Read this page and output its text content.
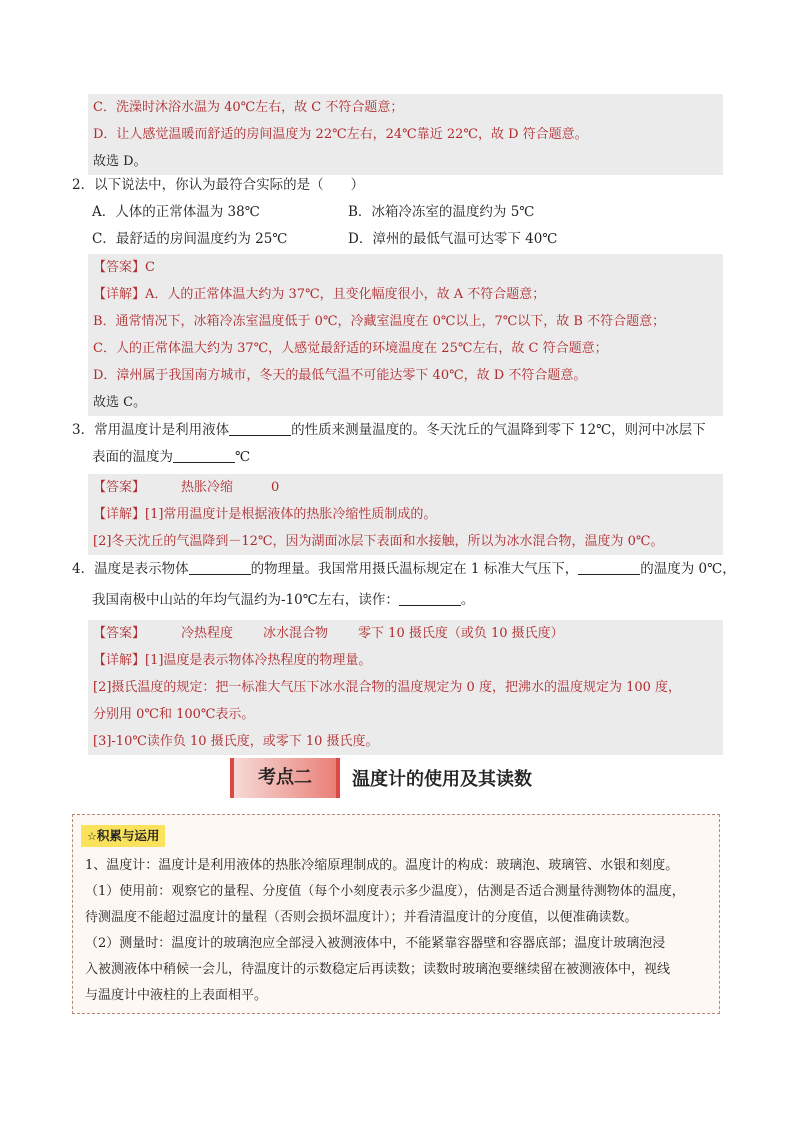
C．洗澡时沐浴水温为 40℃左右，故 C 不符合题意；
D．让人感觉温暖而舒适的房间温度为 22℃左右，24℃靠近 22℃，故 D 符合题意。
故选 D。
2．以下说法中，你认为最符合实际的是（　　）
A．人体的正常体温为 38℃	B．冰箱冷冻室的温度约为 5℃
C．最舒适的房间温度约为 25℃	D．漳州的最低气温可达零下 40℃
【答案】C
【详解】A．人的正常体温大约为 37℃，且变化幅度很小，故 A 不符合题意；
B．通常情况下，冰箱冷冻室温度低于 0℃，冷藏室温度在 0℃以上，7℃以下，故 B 不符合题意；
C．人的正常体温大约为 37℃，人感觉最舒适的环境温度在 25℃左右，故 C 符合题意；
D．漳州属于我国南方城市，冬天的最低气温不可能达零下 40℃，故 D 不符合题意。
故选 C。
3．常用温度计是利用液体	的性质来测量温度的。冬天沈丘的气温降到零下 12℃，则河中冰层下
表面的温度为	℃
【答案】	热胀冷缩	0
【详解】[1]常用温度计是根据液体的热胀冷缩性质制成的。
[2]冬天沈丘的气温降到－12℃，因为湖面冰层下表面和水接触，所以为冰水混合物，温度为 0℃。
4．温度是表示物体	的物理量。我国常用摄氏温标规定在 1 标准大气压下，	的温度为 0℃，
我国南极中山站的年均气温约为-10℃左右，读作：	。
【答案】	冷热程度 冰水混合物 零下 10 摄氏度（或负 10 摄氏度）
【详解】[1]温度是表示物体冷热程度的物理量。
[2]摄氏温度的规定：把一标准大气压下冰水混合物的温度规定为 0 度，把沸水的温度规定为 100 度，
分别用 0℃和 100℃表示。
[3]-10℃读作负 10 摄氏度，或零下 10 摄氏度。
考点二	温度计的使用及其读数
☆积累与运用
1、温度计：温度计是利用液体的热胀冷缩原理制成的。温度计的构成：玻璃泡、玻璃管、水银和刻度。
（1）使用前：观察它的量程、分度值（每个小刻度表示多少温度），估测是否适合测量待测物体的温度，
待测温度不能超过温度计的量程（否则会损坏温度计）；并看清温度计的分度值，以便准确读数。
（2）测量时：温度计的玻璃泡应全部浸入被测液体中，不能紧靠容器壁和容器底部；温度计玻璃泡浸
入被测液体中稍候一会儿，待温度计的示数稳定后再读数；读数时玻璃泡要继续留在被测液体中，视线
与温度计中液柱的上表面相平。
